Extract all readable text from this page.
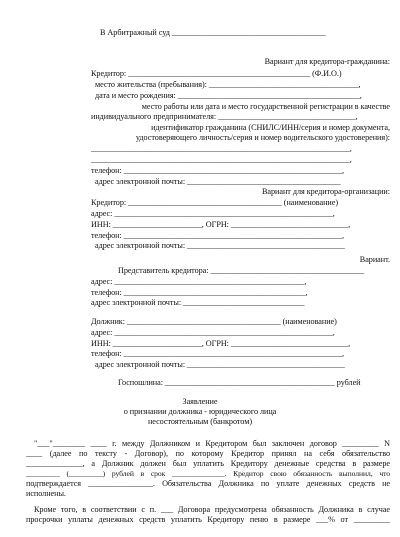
В Арбитражный суд ______________________________________
Вариант для кредитора-гражданина:
Кредитор: _____________________________________________ (Ф.И.О.)
место жительства (пребывания): _____________________________________,
дата и место рождения: _____________________________________________,
место работы или дата и место государственной регистрации в качестве
индивидуального предпринимателя: __________________________________,
идентификатор гражданина (СНИЛС/ИНН/серия и номер документа,
удостоверяющего личность/серия и номер водительского удостоверения):
________________________________________________________________,
________________________________________________________________,
телефон: ______________________________________________________,
адрес электронной почты: ______________________________________
Вариант для кредитора-организации:
Кредитор: ______________________________________ (наименование)
адрес: ______________________________________________________,
ИНН: ______________________, ОГРН: _____________________________,
телефон: ______________________________________________________,
адрес электронной почты: _______________________________________
Вариант.
Представитель кредитора: ______________________________________
адрес: _______________________________________________,
телефон: _____________________________________________,
адрес электронной почты: ______________________________
Должник: ______________________________________ (наименование)
адрес: ______________________________________________________,
ИНН: ______________________, ОГРН: _____________________________,
телефон: ______________________________________________________,
адрес электронной почты: _______________________________________
Госпошлина: __________________________________________ рублей
Заявление
о признании должника - юридического лица
несостоятельным (банкротом)
"___"________ ____ г. между Должником и Кредитором был заключен договор _________ N
____ (далее по тексту - Договор), по которому Кредитор принял на себя обязательство
______________, а Должник должен был уплатить Кредитору денежные средства в размере
_________ (_________) рублей в срок ______________. Кредитор свою обязанность выполнил, что
подтверждается ________________. Обязательства Должника по уплате денежных средств не
исполнены.
Кроме того, в соответствии с п. ___ Договора предусмотрена обязанность Должника в случае
просрочки уплаты денежных средств уплатить Кредитору пеню в размере ___% от _________
